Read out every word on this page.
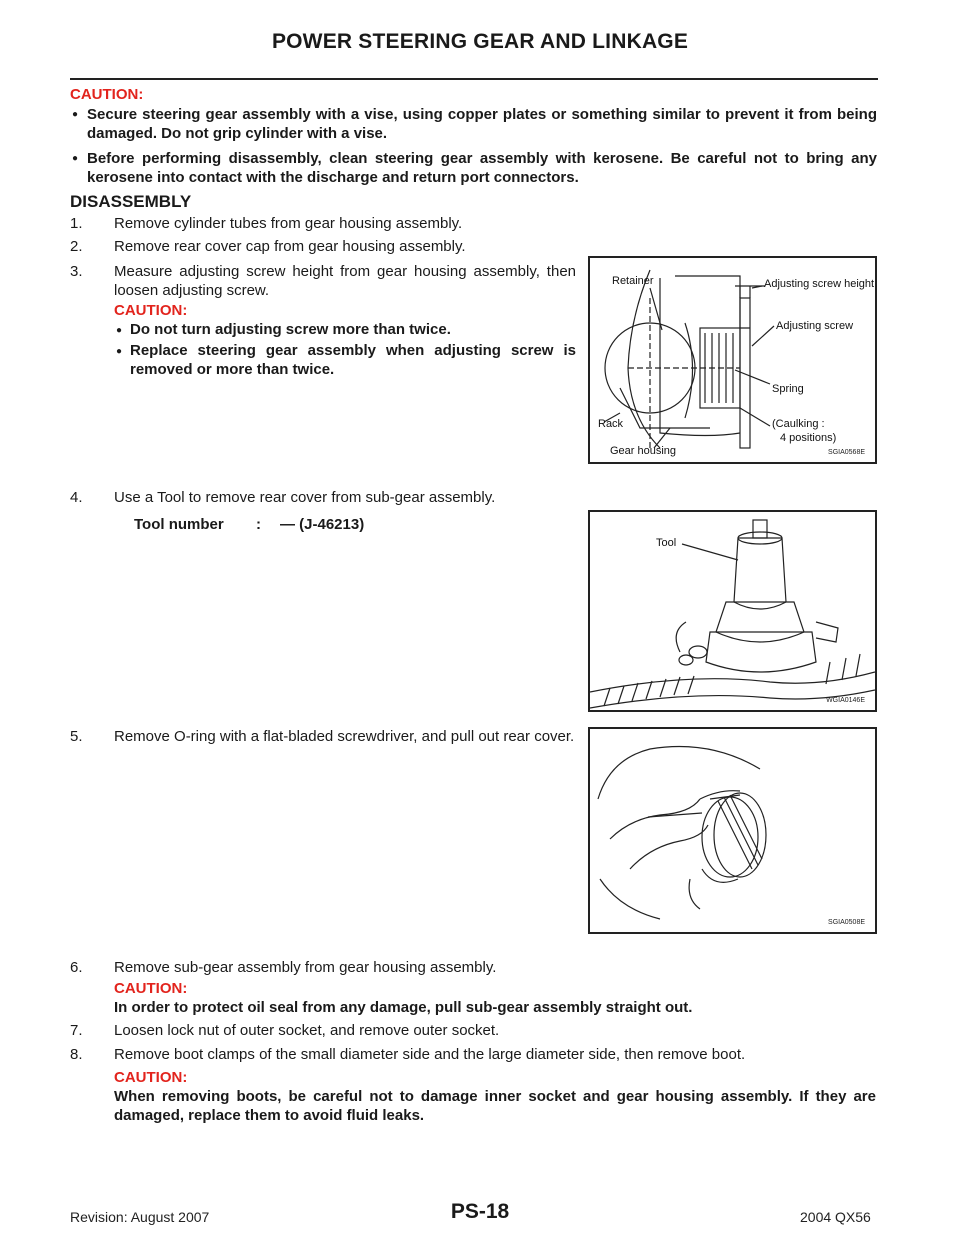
POWER STEERING GEAR AND LINKAGE
CAUTION:
● Secure steering gear assembly with a vise, using copper plates or something similar to prevent it from being damaged. Do not grip cylinder with a vise.
● Before performing disassembly, clean steering gear assembly with kerosene. Be careful not to bring any kerosene into contact with the discharge and return port connectors.
DISASSEMBLY
1. Remove cylinder tubes from gear housing assembly.
2. Remove rear cover cap from gear housing assembly.
3. Measure adjusting screw height from gear housing assembly, then loosen adjusting screw.
CAUTION:
● Do not turn adjusting screw more than twice.
● Replace steering gear assembly when adjusting screw is removed or more than twice.
Retainer	Adjusting screw height
Adjusting screw
Spring
Rack	(Caulking :
4 positions)
Gear housing	SGIA0568E
4. Use a Tool to remove rear cover from sub-gear assembly.
Tool number : — (J-46213)
Tool
WGIA0146E
5. Remove O-ring with a flat-bladed screwdriver, and pull out rear cover.
SGIA0508E
6. Remove sub-gear assembly from gear housing assembly.
CAUTION:
In order to protect oil seal from any damage, pull sub-gear assembly straight out.
7. Loosen lock nut of outer socket, and remove outer socket.
8. Remove boot clamps of the small diameter side and the large diameter side, then remove boot.
CAUTION:
When removing boots, be careful not to damage inner socket and gear housing assembly. If they are damaged, replace them to avoid fluid leaks.
Revision: August 2007	PS-18	2004 QX56
